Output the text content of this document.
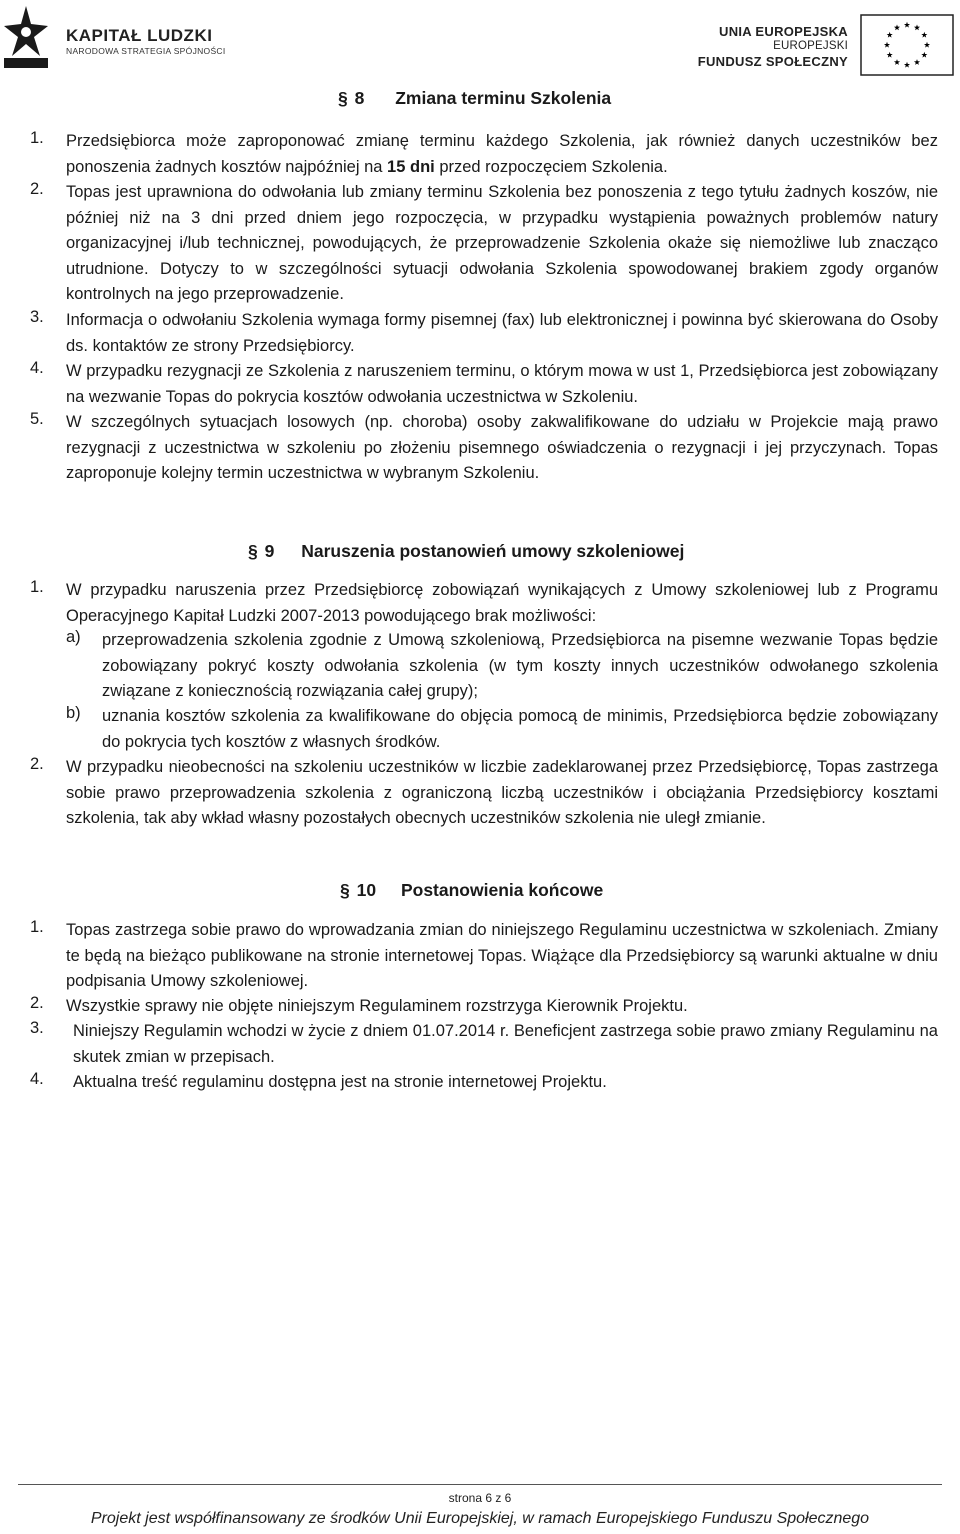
KAPITAŁ LUDZKI
NARODOWA STRATEGIA SPÓJNOŚCI
UNIA EUROPEJSKA
EUROPEJSKI
FUNDUSZ SPOŁECZNY
§ 8 Zmiana terminu Szkolenia
1. Przedsiębiorca może zaproponować zmianę terminu każdego Szkolenia, jak również danych uczestników bez ponoszenia żadnych kosztów najpóźniej na 15 dni przed rozpoczęciem Szkolenia.
2. Topas jest uprawniona do odwołania lub zmiany terminu Szkolenia bez ponoszenia z tego tytułu żadnych koszów, nie później niż na 3 dni przed dniem jego rozpoczęcia, w przypadku wystąpienia poważnych problemów natury organizacyjnej i/lub technicznej, powodujących, że przeprowadzenie Szkolenia okaże się niemożliwe lub znacząco utrudnione. Dotyczy to w szczególności sytuacji odwołania Szkolenia spowodowanej brakiem zgody organów kontrolnych na jego przeprowadzenie.
3. Informacja o odwołaniu Szkolenia wymaga formy pisemnej (fax) lub elektronicznej i powinna być skierowana do Osoby ds. kontaktów ze strony Przedsiębiorcy.
4. W przypadku rezygnacji ze Szkolenia z naruszeniem terminu, o którym mowa w ust 1, Przedsiębiorca jest zobowiązany na wezwanie Topas do pokrycia kosztów odwołania uczestnictwa w Szkoleniu.
5. W szczególnych sytuacjach losowych (np. choroba) osoby zakwalifikowane do udziału w Projekcie mają prawo rezygnacji z uczestnictwa w szkoleniu po złożeniu pisemnego oświadczenia o rezygnacji i jej przyczynach. Topas zaproponuje kolejny termin uczestnictwa w wybranym Szkoleniu.
§ 9 Naruszenia postanowień umowy szkoleniowej
1. W przypadku naruszenia przez Przedsiębiorcę zobowiązań wynikających z Umowy szkoleniowej lub z Programu Operacyjnego Kapitał Ludzki 2007-2013 powodującego brak możliwości:
a) przeprowadzenia szkolenia zgodnie z Umową szkoleniową, Przedsiębiorca na pisemne wezwanie Topas będzie zobowiązany pokryć koszty odwołania szkolenia (w tym koszty innych uczestników odwołanego szkolenia związane z koniecznością rozwiązania całej grupy);
b) uznania kosztów szkolenia za kwalifikowane do objęcia pomocą de minimis, Przedsiębiorca będzie zobowiązany do pokrycia tych kosztów z własnych środków.
2. W przypadku nieobecności na szkoleniu uczestników w liczbie zadeklarowanej przez Przedsiębiorcę, Topas zastrzega sobie prawo przeprowadzenia szkolenia z ograniczoną liczbą uczestników i obciążania Przedsiębiorcy kosztami szkolenia, tak aby wkład własny pozostałych obecnych uczestników szkolenia nie uległ zmianie.
§ 10 Postanowienia końcowe
1. Topas zastrzega sobie prawo do wprowadzania zmian do niniejszego Regulaminu uczestnictwa w szkoleniach. Zmiany te będą na bieżąco publikowane na stronie internetowej Topas. Wiążące dla Przedsiębiorcy są warunki aktualne w dniu podpisania Umowy szkoleniowej.
2. Wszystkie sprawy nie objęte niniejszym Regulaminem rozstrzyga Kierownik Projektu.
3. Niniejszy Regulamin wchodzi w życie z dniem 01.07.2014 r. Beneficjent zastrzega sobie prawo zmiany Regulaminu na skutek zmian w przepisach.
4. Aktualna treść regulaminu dostępna jest na stronie internetowej Projektu.
strona 6 z 6
Projekt jest współfinansowany ze środków Unii Europejskiej, w ramach Europejskiego Funduszu Społecznego
